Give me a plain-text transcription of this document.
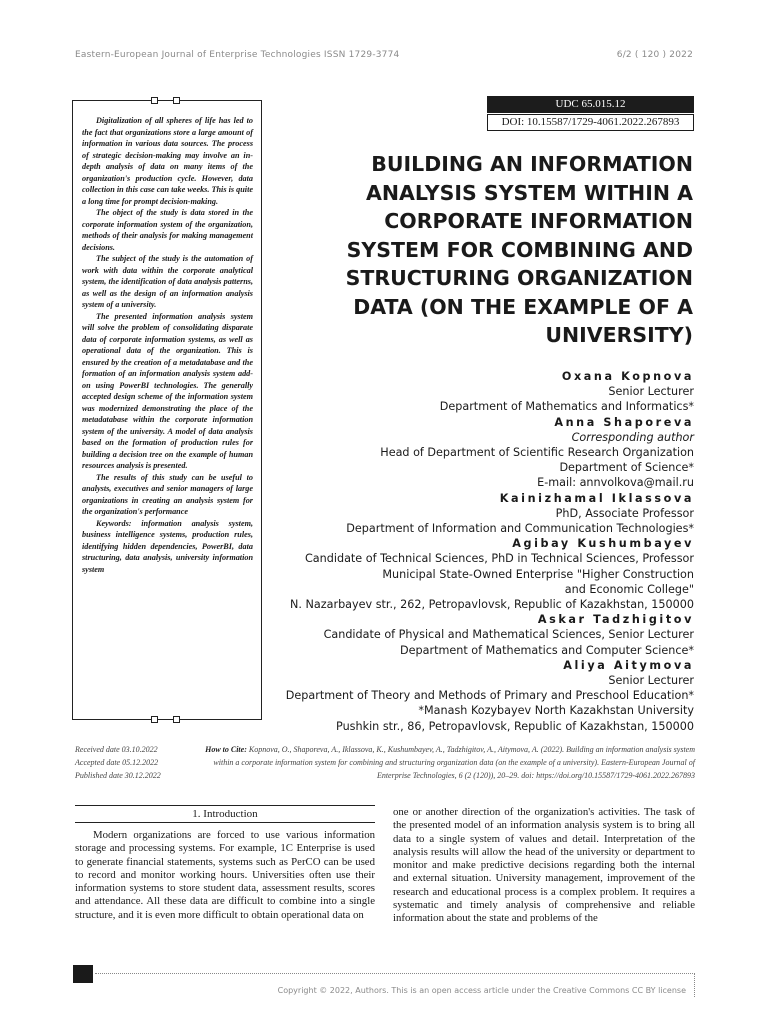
Eastern-European Journal of Enterprise Technologies ISSN 1729-3774	6/2 ( 120 ) 2022

Digitalization of all spheres of life has led to the fact that organizations store a large amount of information in various data sources. The process of strategic decision-making may involve an in-depth analysis of data on many items of the organization's production cycle. However, data collection in this case can take weeks. This is quite a long time for prompt decision-making.

The object of the study is data stored in the corporate information system of the organization, methods of their analysis for making management decisions.

The subject of the study is the automation of work with data within the corporate analytical system, the identification of data analysis patterns, as well as the design of an information analysis system of a university.

The presented information analysis system will solve the problem of consolidating disparate data of corporate information systems, as well as operational data of the organization. This is ensured by the creation of a metadatabase and the formation of an information analysis system add-on using PowerBI technologies. The generally accepted design scheme of the information system was modernized demonstrating the place of the metadatabase within the corporate information system of the university. A model of data analysis based on the formation of production rules for building a decision tree on the example of human resources analysis is presented.

The results of this study can be useful to analysts, executives and senior managers of large organizations in creating an analysis system for the organization's performance

Keywords: information analysis system, business intelligence systems, production rules, identifying hidden dependencies, PowerBI, data structuring, data analysis, university information system

UDC 65.015.12
DOI: 10.15587/1729-4061.2022.267893
BUILDING AN INFORMATION ANALYSIS SYSTEM WITHIN A CORPORATE INFORMATION SYSTEM FOR COMBINING AND STRUCTURING ORGANIZATION DATA (ON THE EXAMPLE OF A UNIVERSITY)
Oxana Kopnova
Senior Lecturer
Department of Mathematics and Informatics*
Anna Shaporeva
Corresponding author
Head of Department of Scientific Research Organization
Department of Science*
E-mail: annvolkova@mail.ru
Kainizhamal Iklassova
PhD, Associate Professor
Department of Information and Communication Technologies*
Agibay Kushumbayev
Candidate of Technical Sciences, PhD in Technical Sciences, Professor
Municipal State-Owned Enterprise "Higher Construction
and Economic College"
N. Nazarbayev str., 262, Petropavlovsk, Republic of Kazakhstan, 150000
Askar Tadzhigitov
Candidate of Physical and Mathematical Sciences, Senior Lecturer
Department of Mathematics and Computer Science*
Aliya Aitymova
Senior Lecturer
Department of Theory and Methods of Primary and Preschool Education*
*Manash Kozybayev North Kazakhstan University
Pushkin str., 86, Petropavlovsk, Republic of Kazakhstan, 150000
Received date 03.10.2022
Accepted date 05.12.2022
Published date 30.12.2022
How to Cite: Kopnova, O., Shaporeva, A., Iklassova, K., Kushumbayev, A., Tadzhigitov, A., Aitymova, A. (2022). Building an information analysis system within a corporate information system for combining and structuring organization data (on the example of a university). Eastern-European Journal of Enterprise Technologies, 6 (2 (120)), 20–29. doi: https://doi.org/10.15587/1729-4061.2022.267893
1. Introduction

Modern organizations are forced to use various information storage and processing systems. For example, 1C Enterprise is used to generate financial statements, systems such as PerCO can be used to record and monitor working hours. Universities often use their information systems to store student data, assessment results, scores and attendance. All these data are difficult to combine into a single structure, and it is even more difficult to obtain operational data on

one or another direction of the organization's activities. The task of the presented model of an information analysis system is to bring all data to a single system of values and detail. Interpretation of the analysis results will allow the head of the university or department to monitor and make predictive decisions regarding both the internal and external situation. University management, improvement of the research and educational process is a complex problem. It requires a systematic and timely analysis of comprehensive and reliable information about the state and problems of the

Copyright © 2022, Authors. This is an open access article under the Creative Commons CC BY license
